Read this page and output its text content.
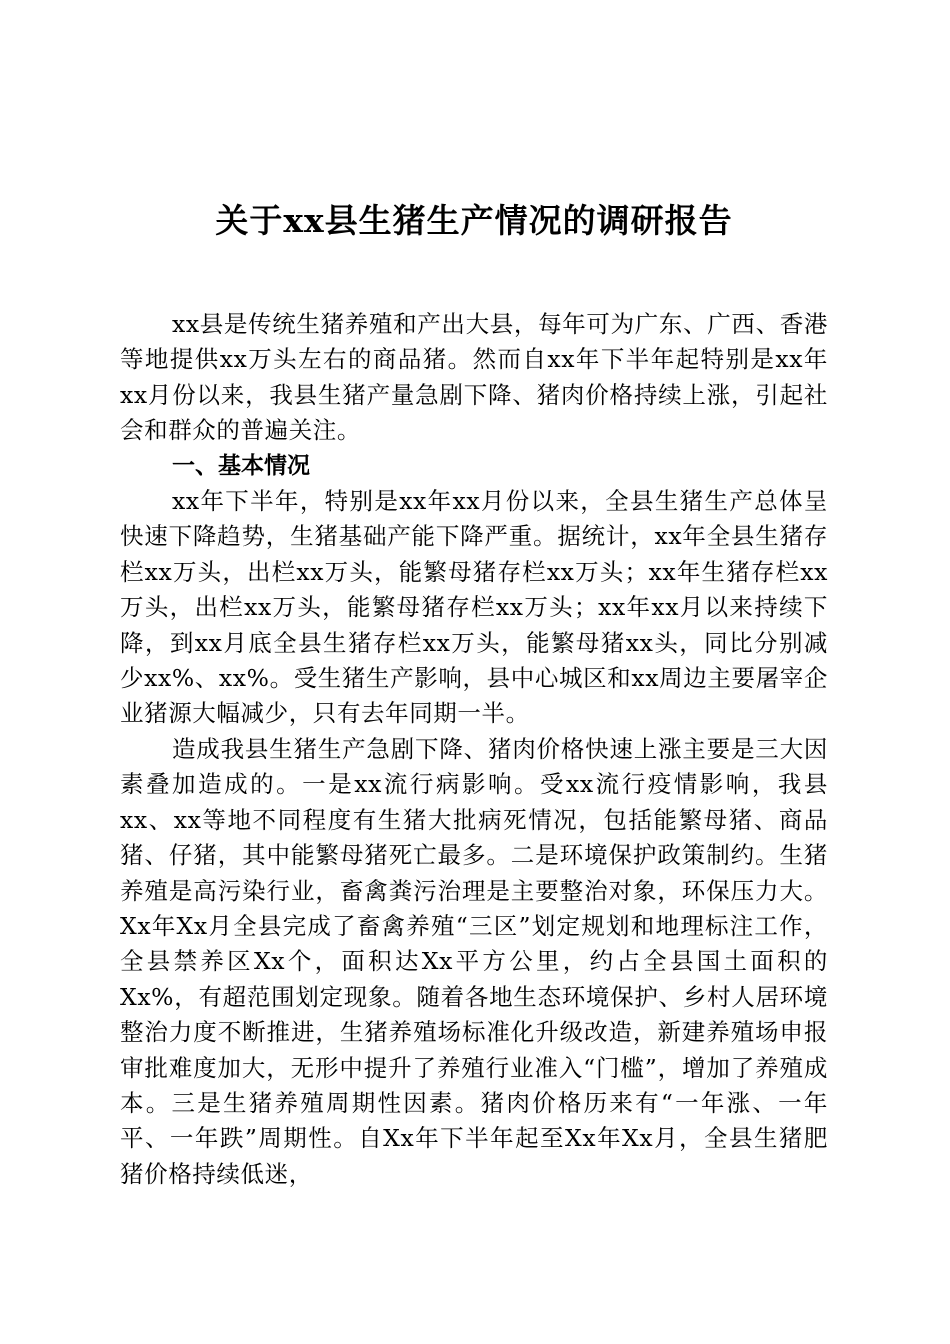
关于xx县生猪生产情况的调研报告

xx县是传统生猪养殖和产出大县，每年可为广东、广西、香港等地提供xx万头左右的商品猪。然而自xx年下半年起特别是xx年xx月份以来，我县生猪产量急剧下降、猪肉价格持续上涨，引起社会和群众的普遍关注。

一、基本情况

xx年下半年，特别是xx年xx月份以来，全县生猪生产总体呈快速下降趋势，生猪基础产能下降严重。据统计，xx年全县生猪存栏xx万头，出栏xx万头，能繁母猪存栏xx万头；xx年生猪存栏xx万头，出栏xx万头，能繁母猪存栏xx万头；xx年xx月以来持续下降，到xx月底全县生猪存栏xx万头，能繁母猪xx头，同比分别减少xx%、xx%。受生猪生产影响，县中心城区和xx周边主要屠宰企业猪源大幅减少，只有去年同期一半。

造成我县生猪生产急剧下降、猪肉价格快速上涨主要是三大因素叠加造成的。一是xx流行病影响。受xx流行疫情影响，我县xx、xx等地不同程度有生猪大批病死情况，包括能繁母猪、商品猪、仔猪，其中能繁母猪死亡最多。二是环境保护政策制约。生猪养殖是高污染行业，畜禽粪污治理是主要整治对象，环保压力大。Xx年Xx月全县完成了畜禽养殖“三区”划定规划和地理标注工作，全县禁养区Xx个，面积达Xx平方公里，约占全县国土面积的Xx%，有超范围划定现象。随着各地生态环境保护、乡村人居环境整治力度不断推进，生猪养殖场标准化升级改造，新建养殖场申报审批难度加大，无形中提升了养殖行业准入“门槛”，增加了养殖成本。三是生猪养殖周期性因素。猪肉价格历来有“一年涨、一年平、一年跌”周期性。自Xx年下半年起至Xx年Xx月，全县生猪肥猪价格持续低迷，
